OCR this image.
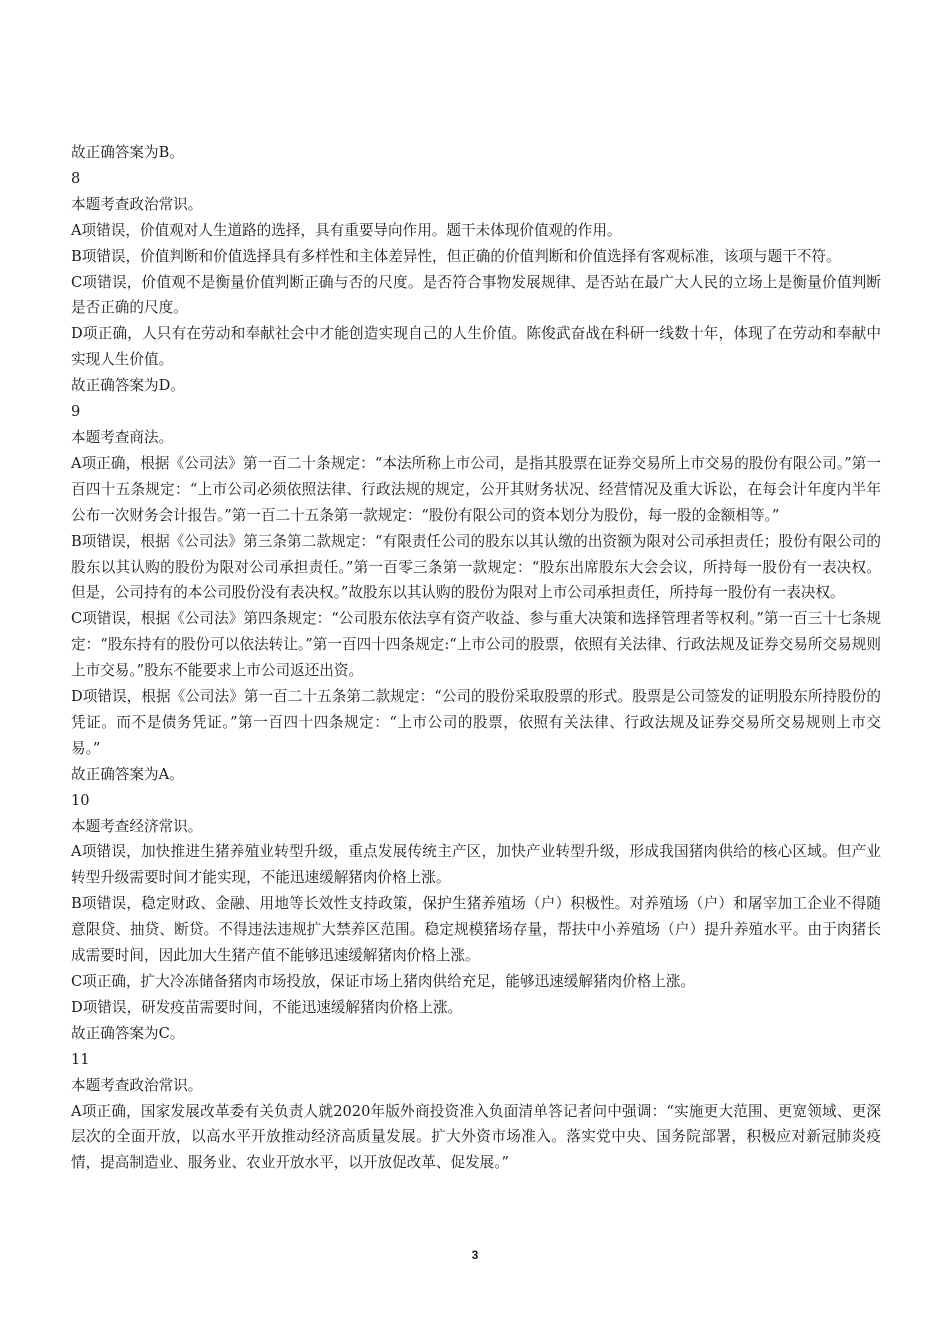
故正确答案为B。

8

本题考查政治常识。

A项错误，价值观对人生道路的选择，具有重要导向作用。题干未体现价值观的作用。

B项错误，价值判断和价值选择具有多样性和主体差异性，但正确的价值判断和价值选择有客观标准，该项与题干不符。

C项错误，价值观不是衡量价值判断正确与否的尺度。是否符合事物发展规律、是否站在最广大人民的立场上是衡量价值判断是否正确的尺度。

D项正确，人只有在劳动和奉献社会中才能创造实现自己的人生价值。陈俊武奋战在科研一线数十年，体现了在劳动和奉献中实现人生价值。

故正确答案为D。

9

本题考查商法。

A项正确，根据《公司法》第一百二十条规定：“本法所称上市公司，是指其股票在证券交易所上市交易的股份有限公司。”第一百四十五条规定：“上市公司必须依照法律、行政法规的规定，公开其财务状况、经营情况及重大诉讼，在每会计年度内半年公布一次财务会计报告。”第一百二十五条第一款规定：“股份有限公司的资本划分为股份，每一股的金额相等。”

B项错误，根据《公司法》第三条第二款规定：“有限责任公司的股东以其认缴的出资额为限对公司承担责任；股份有限公司的股东以其认购的股份为限对公司承担责任。”第一百零三条第一款规定：“股东出席股东大会会议，所持每一股份有一表决权。但是，公司持有的本公司股份没有表决权。”故股东以其认购的股份为限对上市公司承担责任，所持每一股份有一表决权。

C项错误，根据《公司法》第四条规定：“公司股东依法享有资产收益、参与重大决策和选择管理者等权利。”第一百三十七条规定：“股东持有的股份可以依法转让。”第一百四十四条规定:“上市公司的股票，依照有关法律、行政法规及证券交易所交易规则上市交易。”股东不能要求上市公司返还出资。

D项错误，根据《公司法》第一百二十五条第二款规定：“公司的股份采取股票的形式。股票是公司签发的证明股东所持股份的凭证。而不是债务凭证。”第一百四十四条规定：“上市公司的股票，依照有关法律、行政法规及证券交易所交易规则上市交易。”

故正确答案为A。

10

本题考查经济常识。

A项错误，加快推进生猪养殖业转型升级，重点发展传统主产区，加快产业转型升级，形成我国猪肉供给的核心区域。但产业转型升级需要时间才能实现，不能迅速缓解猪肉价格上涨。

B项错误，稳定财政、金融、用地等长效性支持政策，保护生猪养殖场（户）积极性。对养殖场（户）和屠宰加工企业不得随意限贷、抽贷、断贷。不得违法违规扩大禁养区范围。稳定规模猪场存量，帮扶中小养殖场（户）提升养殖水平。由于肉猪长成需要时间，因此加大生猪产值不能够迅速缓解猪肉价格上涨。

C项正确，扩大冷冻储备猪肉市场投放，保证市场上猪肉供给充足，能够迅速缓解猪肉价格上涨。

D项错误，研发疫苗需要时间，不能迅速缓解猪肉价格上涨。

故正确答案为C。

11

本题考查政治常识。

A项正确，国家发展改革委有关负责人就2020年版外商投资准入负面清单答记者问中强调：“实施更大范围、更宽领域、更深层次的全面开放，以高水平开放推动经济高质量发展。扩大外资市场准入。落实党中央、国务院部署，积极应对新冠肺炎疫情，提高制造业、服务业、农业开放水平，以开放促改革、促发展。”

3
